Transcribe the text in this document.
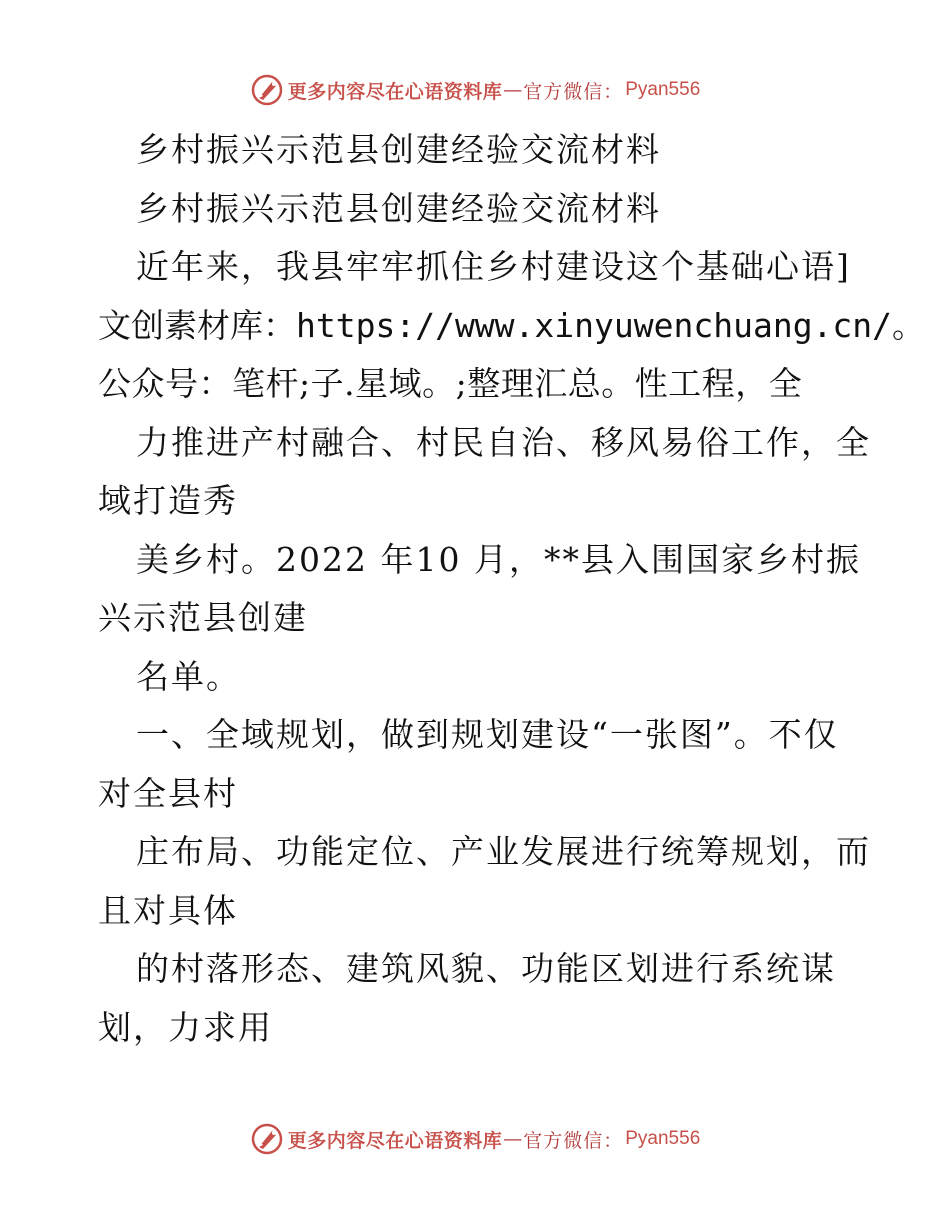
更多内容尽在心语资料库 — 官方微信： Pyan556
乡村振兴示范县创建经验交流材料
乡村振兴示范县创建经验交流材料
近年来，我县牢牢抓住乡村建设这个基础心语]
文创素材库：https://www.xinyuwenchuang.cn/。
公众号：笔杆;子.星域。;整理汇总。性工程，全
力推进产村融合、村民自治、移风易俗工作，全
域打造秀
美乡村。2022 年10 月，**县入围国家乡村振
兴示范县创建
名单。
一、全域规划，做到规划建设“一张图”。不仅
对全县村
庄布局、功能定位、产业发展进行统筹规划，而
且对具体
的村落形态、建筑风貌、功能区划进行系统谋
划，力求用
更多内容尽在心语资料库 — 官方微信： Pyan556
